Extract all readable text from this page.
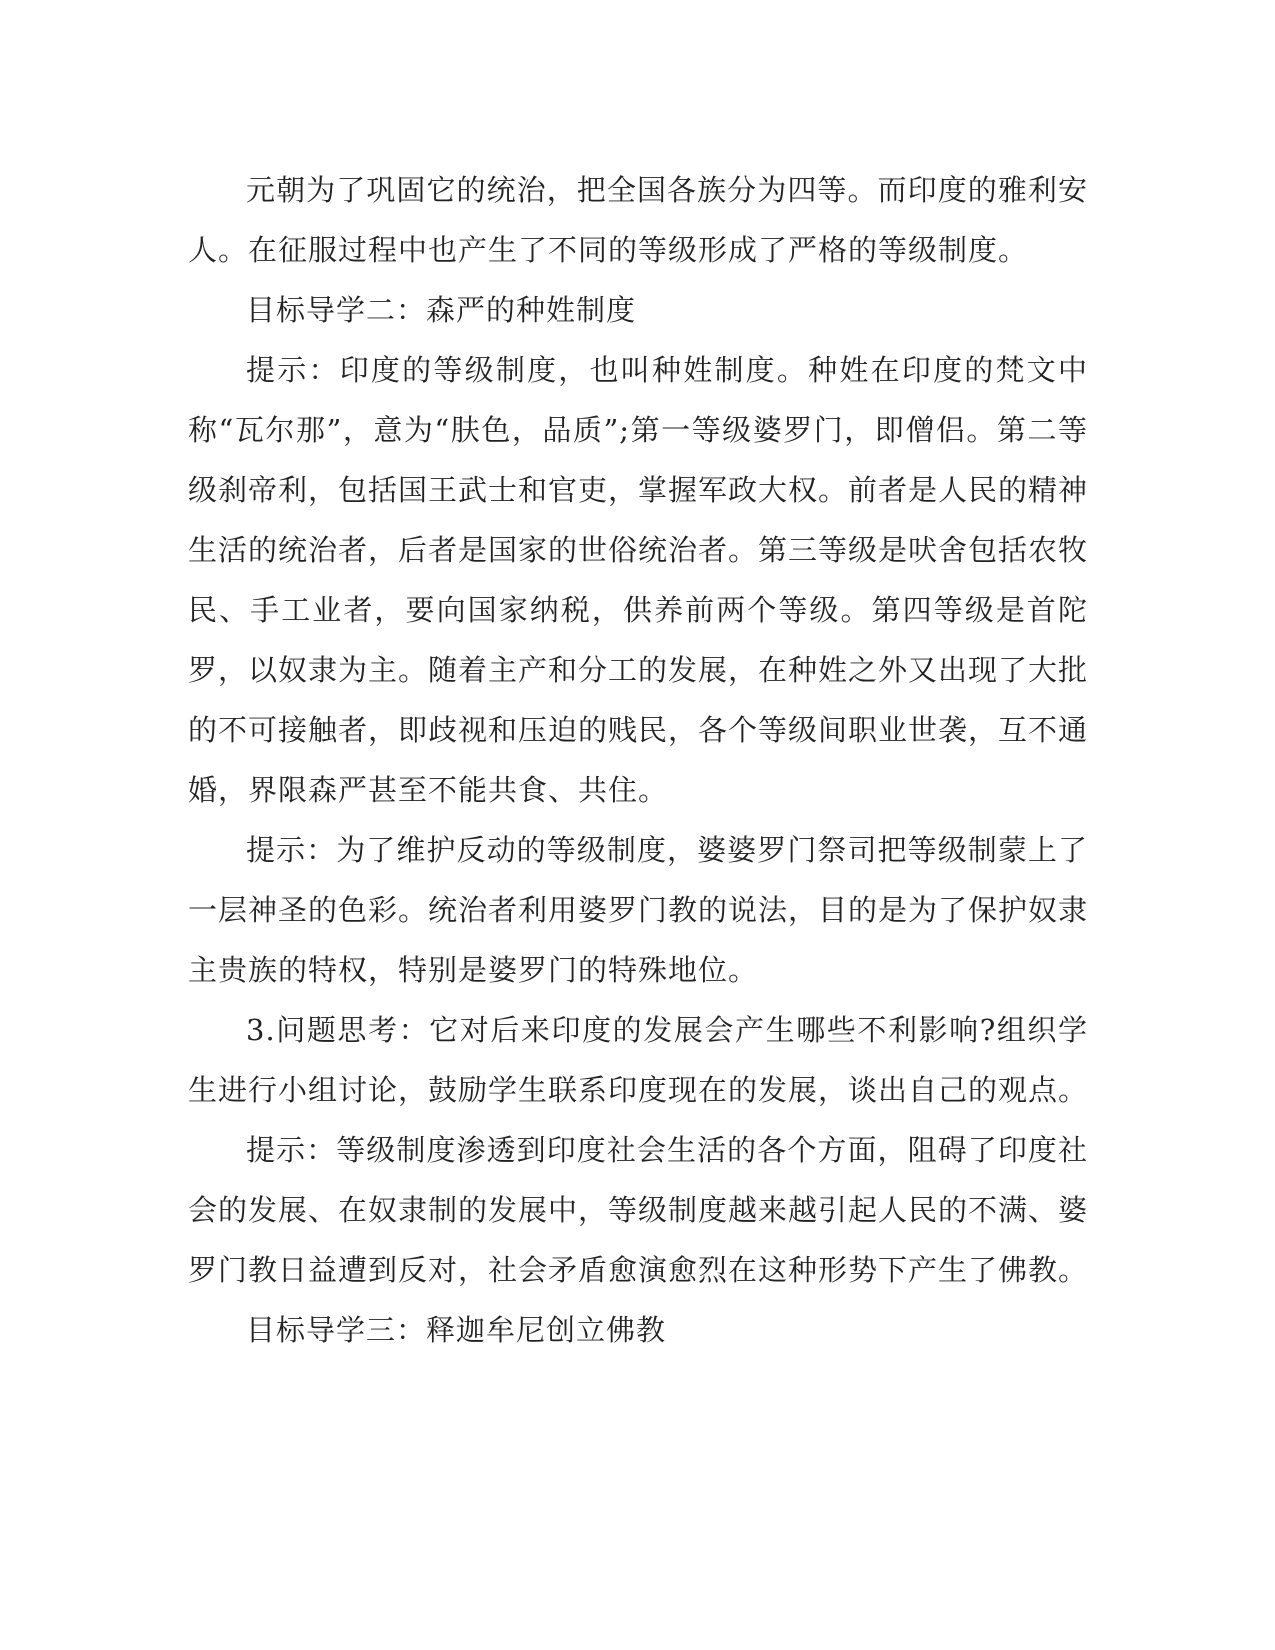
元朝为了巩固它的统治，把全国各族分为四等。而印度的雅利安人。在征服过程中也产生了不同的等级形成了严格的等级制度。

目标导学二：森严的种姓制度

提示：印度的等级制度，也叫种姓制度。种姓在印度的梵文中称“瓦尔那”，意为“肤色，品质”;第一等级婆罗门，即僧侣。第二等级刹帝利，包括国王武士和官吏，掌握军政大权。前者是人民的精神生活的统治者，后者是国家的世俗统治者。第三等级是吠舍包括农牧民、手工业者，要向国家纳税，供养前两个等级。第四等级是首陀罗，以奴隶为主。随着主产和分工的发展，在种姓之外又出现了大批的不可接触者，即歧视和压迫的贱民，各个等级间职业世袭，互不通婚，界限森严甚至不能共食、共住。

提示：为了维护反动的等级制度，婆婆罗门祭司把等级制蒙上了一层神圣的色彩。统治者利用婆罗门教的说法，目的是为了保护奴隶主贵族的特权，特别是婆罗门的特殊地位。

3.问题思考：它对后来印度的发展会产生哪些不利影响?组织学生进行小组讨论，鼓励学生联系印度现在的发展，谈出自己的观点。

提示：等级制度渗透到印度社会生活的各个方面，阻碍了印度社会的发展、在奴隶制的发展中，等级制度越来越引起人民的不满、婆罗门教日益遭到反对，社会矛盾愈演愈烈在这种形势下产生了佛教。

目标导学三：释迦牟尼创立佛教
